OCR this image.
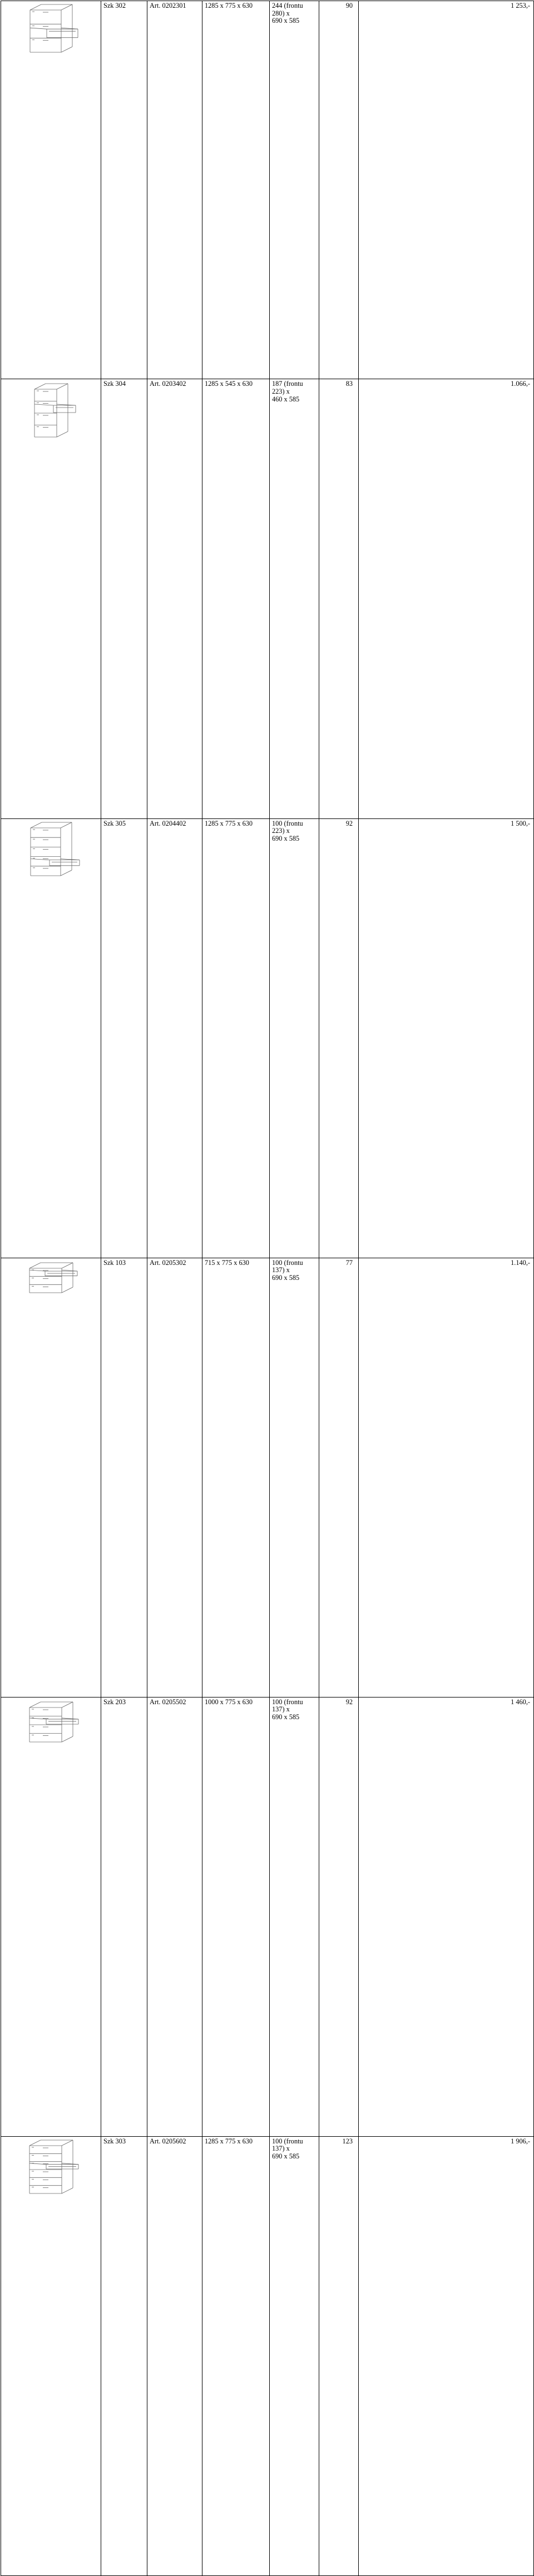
	Szk 302	Art. 0202301	1285 x 775 x 630	244 (frontu 280) x
690 x 585	90	1 253,-	

	Szk 304	Art. 0203402	1285 x 545 x 630	187 (frontu 223) x
460 x 585	83	1.066,-	

	Szk 305	Art. 0204402	1285 x 775 x 630	100 (frontu 223) x
690 x 585	92	1 500,-	

	Szk 103	Art. 0205302	715 x 775 x 630	100 (frontu 137) x
690 x 585	77	1.140,-	

	Szk 203	Art. 0205502	1000 x 775 x 630	100 (frontu 137) x
690 x 585	92	1 460,-	

	Szk 303	Art. 0205602	1285 x 775 x 630	100 (frontu 137) x
690 x 585	123	1 906,-	
